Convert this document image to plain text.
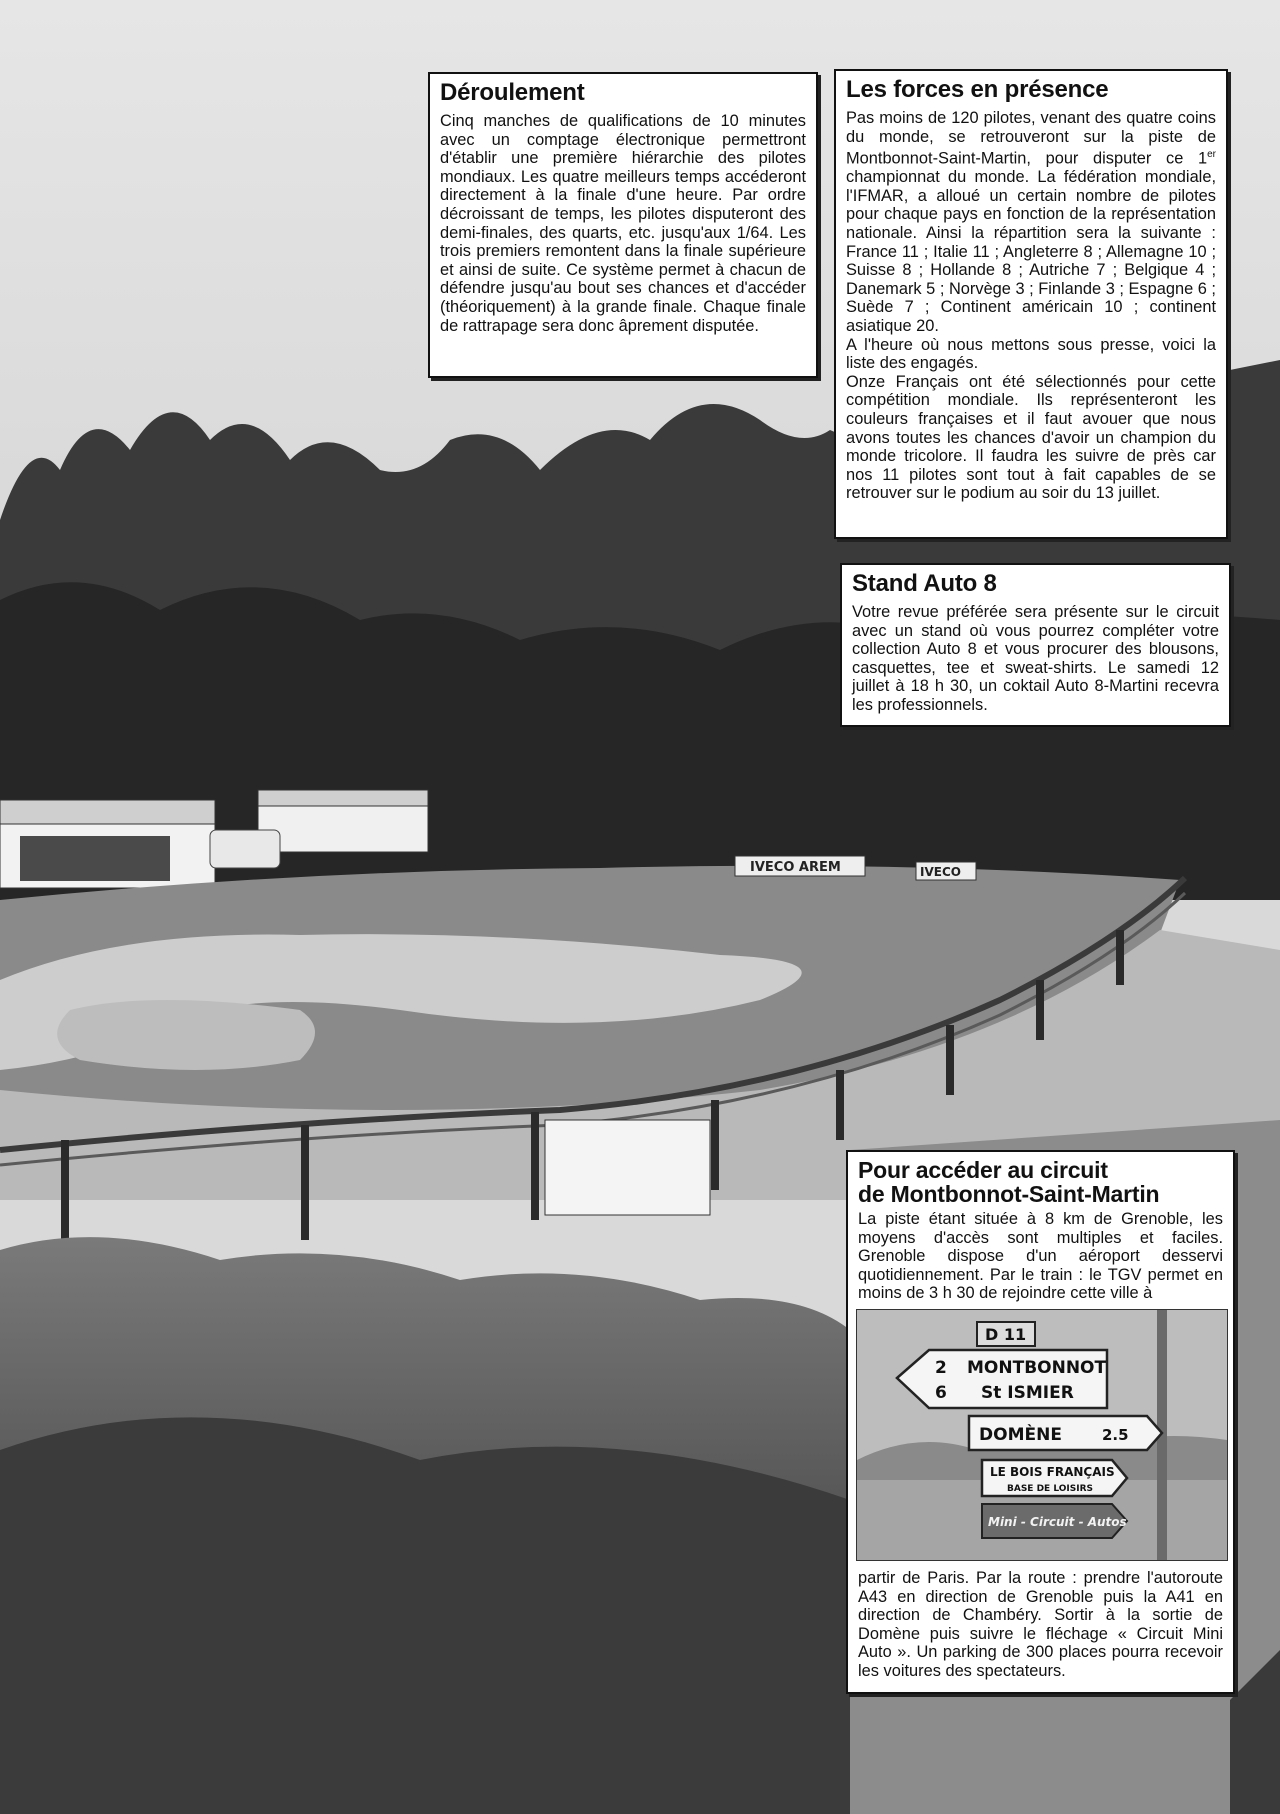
IVECO AREM	IVECO
Déroulement

Cinq manches de qualifications de 10 minutes avec un comptage électronique permettront d'établir une première hiérarchie des pilotes mondiaux. Les quatre meilleurs temps accéderont directement à la finale d'une heure. Par ordre décroissant de temps, les pilotes disputeront des demi-finales, des quarts, etc. jusqu'aux 1/64. Les trois premiers remontent dans la finale supérieure et ainsi de suite. Ce système permet à chacun de défendre jusqu'au bout ses chances et d'accéder (théoriquement) à la grande finale. Chaque finale de rattrapage sera donc âprement disputée.

Les forces en présence

Pas moins de 120 pilotes, venant des quatre coins du monde, se retrouveront sur la piste de Montbonnot-Saint-Martin, pour disputer ce 1er championnat du monde. La fédération mondiale, l'IFMAR, a alloué un certain nombre de pilotes pour chaque pays en fonction de la représentation nationale. Ainsi la répartition sera la suivante : France 11 ; Italie 11 ; Angleterre 8 ; Allemagne 10 ; Suisse 8 ; Hollande 8 ; Autriche 7 ; Belgique 4 ; Danemark 5 ; Norvège 3 ; Finlande 3 ; Espagne 6 ; Suède 7 ; Continent américain 10 ; continent asiatique 20.

A l'heure où nous mettons sous presse, voici la liste des engagés.

Onze Français ont été sélectionnés pour cette compétition mondiale. Ils représenteront les couleurs françaises et il faut avouer que nous avons toutes les chances d'avoir un champion du monde tricolore. Il faudra les suivre de près car nos 11 pilotes sont tout à fait capables de se retrouver sur le podium au soir du 13 juillet.

Stand Auto 8

Votre revue préférée sera présente sur le circuit avec un stand où vous pourrez compléter votre collection Auto 8 et vous procurer des blousons, casquettes, tee et sweat-shirts. Le samedi 12 juillet à 18 h 30, un coktail Auto 8-Martini recevra les professionnels.

Pour accéder au circuit
de Montbonnot-Saint-Martin

La piste étant située à 8 km de Grenoble, les moyens d'accès sont multiples et faciles. Grenoble dispose d'un aéroport desservi quotidiennement. Par le train : le TGV permet en moins de 3 h 30 de rejoindre cette ville à

D 11
2
6
MONTBONNOT
St ISMIER
DOMÈNE	2.5
LE BOIS FRANÇAIS
BASE DE LOISIRS
Mini - Circuit - Autos

partir de Paris. Par la route : prendre l'autoroute A43 en direction de Grenoble puis la A41 en direction de Chambéry. Sortir à la sortie de Domène puis suivre le fléchage « Circuit Mini Auto ». Un parking de 300 places pourra recevoir les voitures des spectateurs.
